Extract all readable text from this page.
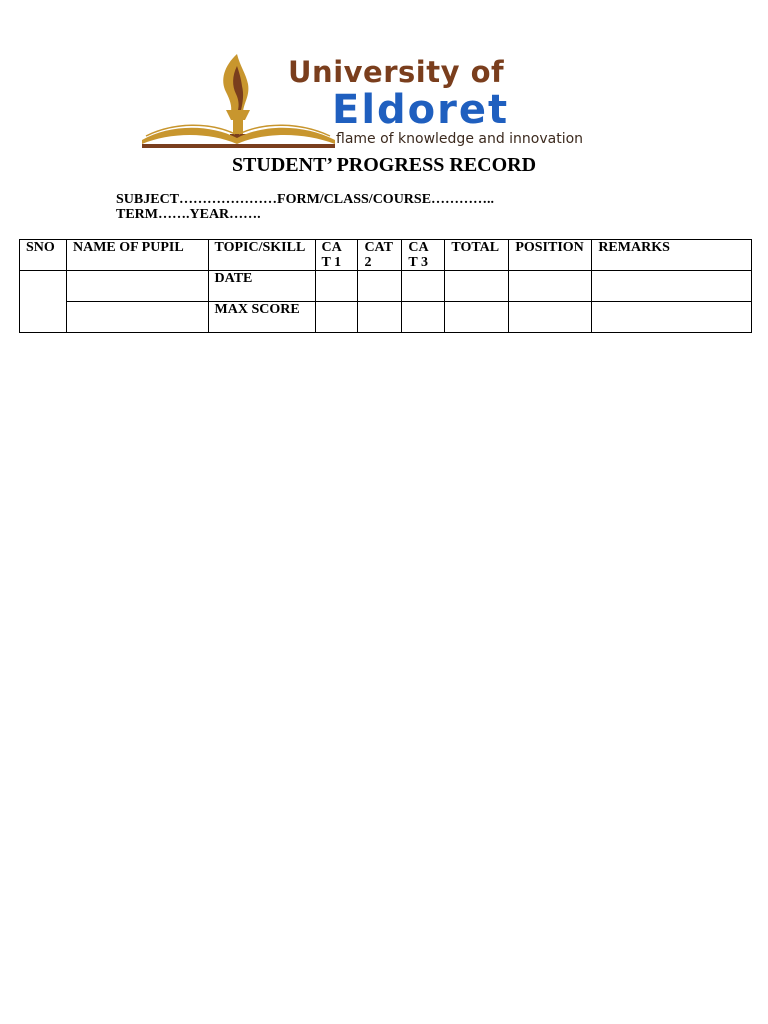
University of
Eldoret
flame of knowledge and innovation
STUDENT’ PROGRESS RECORD
SUBJECT…………………FORM/CLASS/COURSE…………..
TERM…….YEAR…….
SNO	NAME OF PUPIL	TOPIC/SKILL	CA T 1	CAT 2	CA T 3	TOTAL	POSITION	REMARKS
		DATE						
		MAX SCORE						
